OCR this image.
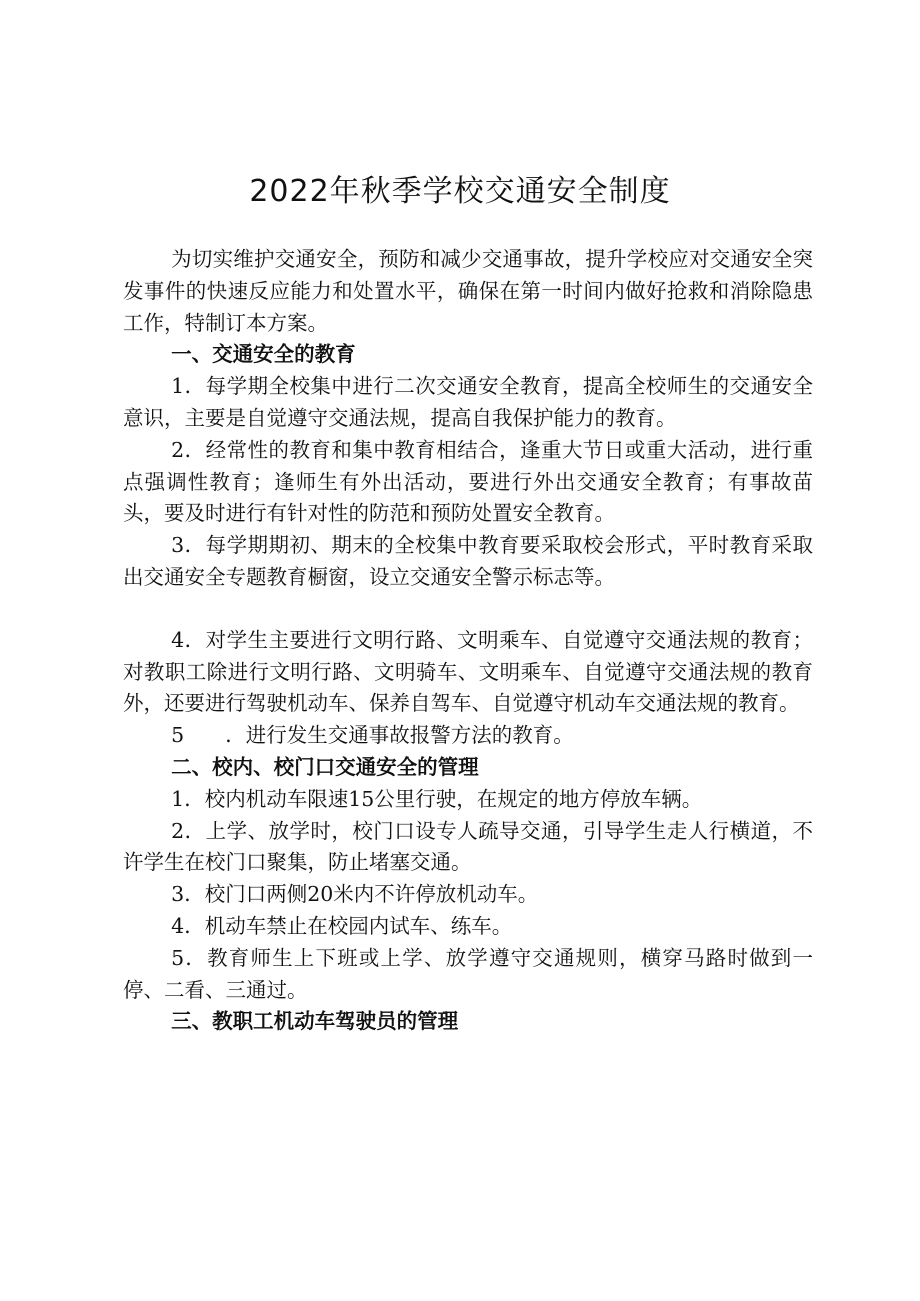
2022年秋季学校交通安全制度

为切实维护交通安全，预防和减少交通事故，提升学校应对交通安全突发事件的快速反应能力和处置水平，确保在第一时间内做好抢救和消除隐患工作，特制订本方案。

一、交通安全的教育

1．每学期全校集中进行二次交通安全教育，提高全校师生的交通安全意识，主要是自觉遵守交通法规，提高自我保护能力的教育。

2．经常性的教育和集中教育相结合，逢重大节日或重大活动，进行重点强调性教育；逢师生有外出活动，要进行外出交通安全教育；有事故苗头，要及时进行有针对性的防范和预防处置安全教育。

3．每学期期初、期末的全校集中教育要采取校会形式，平时教育采取出交通安全专题教育橱窗，设立交通安全警示标志等。

4．对学生主要进行文明行路、文明乘车、自觉遵守交通法规的教育；对教职工除进行文明行路、文明骑车、文明乘车、自觉遵守交通法规的教育外，还要进行驾驶机动车、保养自驾车、自觉遵守机动车交通法规的教育。

5　　．进行发生交通事故报警方法的教育。

二、校内、校门口交通安全的管理

1．校内机动车限速15公里行驶，在规定的地方停放车辆。

2．上学、放学时，校门口设专人疏导交通，引导学生走人行横道，不许学生在校门口聚集，防止堵塞交通。

3．校门口两侧20米内不许停放机动车。

4．机动车禁止在校园内试车、练车。

5．教育师生上下班或上学、放学遵守交通规则，横穿马路时做到一停、二看、三通过。

三、教职工机动车驾驶员的管理
